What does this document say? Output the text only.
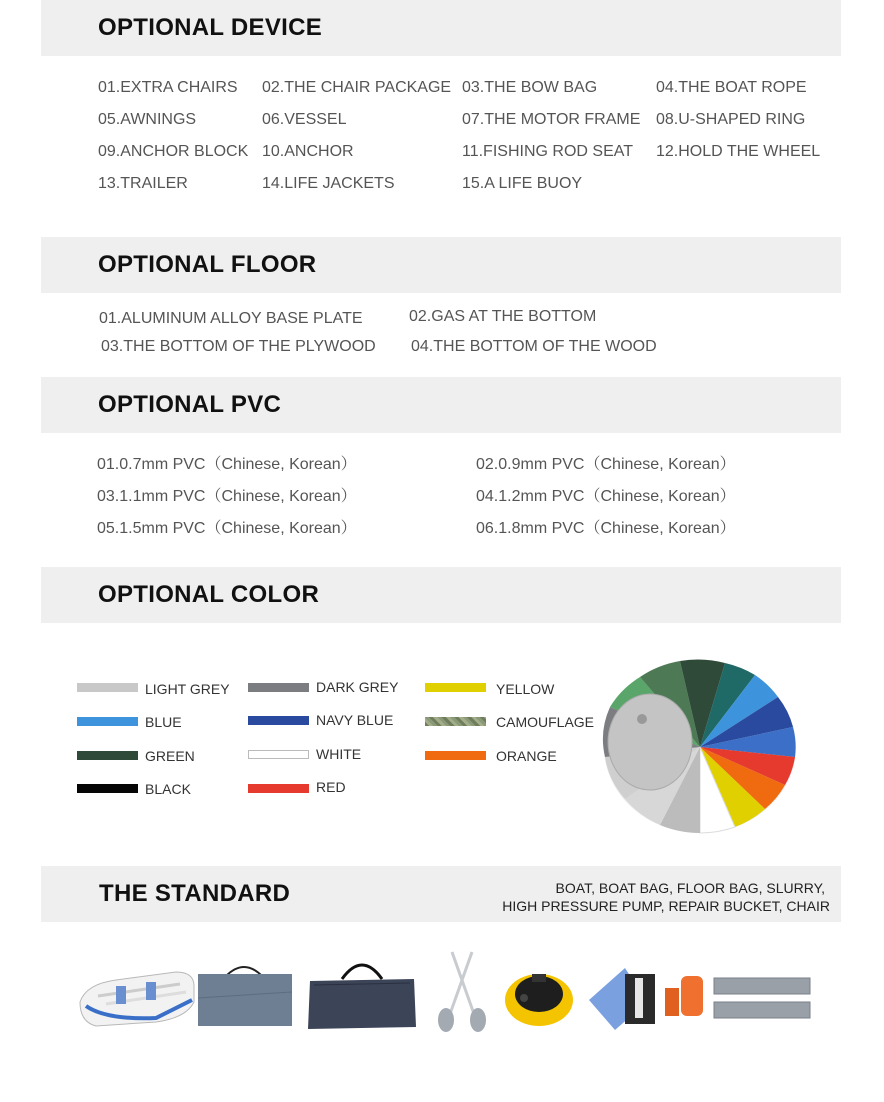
OPTIONAL DEVICE
01.EXTRA CHAIRS 02.THE CHAIR PACKAGE 03.THE BOW BAG	04.THE BOAT ROPE
05.AWNINGS	06.VESSEL	07.THE MOTOR FRAME 08.U-SHAPED RING
09.ANCHOR BLOCK 10.ANCHOR	11.FISHING ROD SEAT 12.HOLD THE WHEEL
13.TRAILER	14.LIFE JACKETS	15.A LIFE BUOY
OPTIONAL FLOOR
01.ALUMINUM ALLOY BASE PLATE	02.GAS AT THE BOTTOM
03.THE BOTTOM OF THE PLYWOOD 04.THE BOTTOM OF THE WOOD
OPTIONAL PVC
01.0.7mm PVC（Chinese, Korean）	02.0.9mm PVC（Chinese, Korean）
03.1.1mm PVC（Chinese, Korean）	04.1.2mm PVC（Chinese, Korean）
05.1.5mm PVC（Chinese, Korean）	06.1.8mm PVC（Chinese, Korean）
OPTIONAL COLOR
LIGHT GREY
BLUE
GREEN
BLACK
DARK GREY
NAVY BLUE
WHITE
RED
YELLOW
CAMOUFLAGE
ORANGE
THE STANDARD	BOAT, BOAT BAG, FLOOR BAG, SLURRY,
HIGH PRESSURE PUMP, REPAIR BUCKET, CHAIR
